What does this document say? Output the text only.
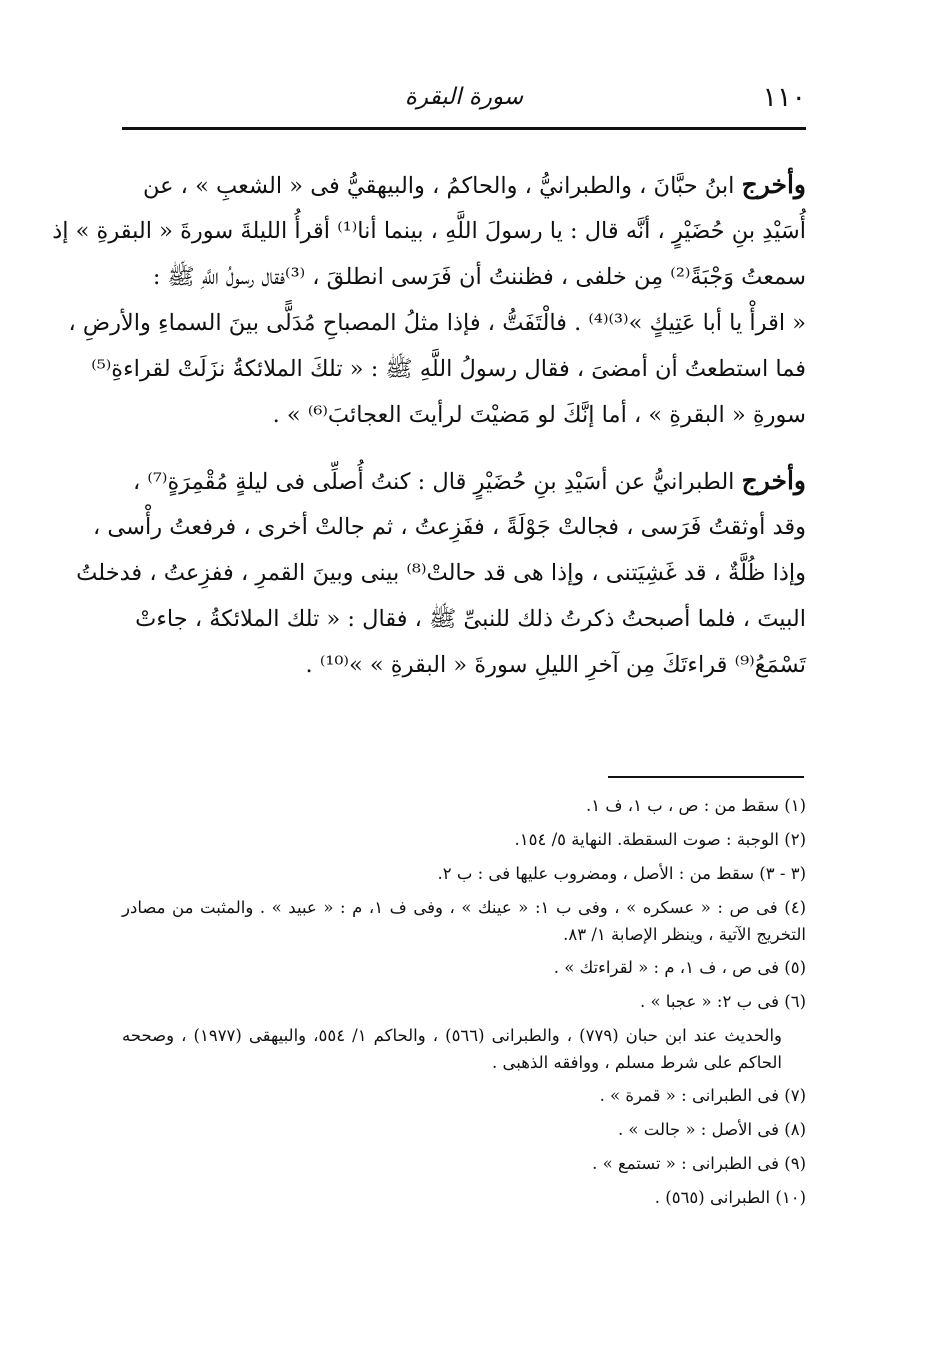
١١٠
سورة البقرة
وأخرج ابنُ حبَّانَ ، والطبرانيُّ ، والحاكمُ ، والبيهقيُّ فى « الشعبِ » ، عن
أُسَيْدِ بنِ حُضَيْرٍ ، أنَّه قال : يا رسولَ اللَّهِ ، بينما أنا⁽¹⁾ أقرأُ الليلةَ سورةَ « البقرةِ » إذ
سمعتُ وَجْبَةً⁽²⁾ مِن خلفى ، فظننتُ أن فَرَسى انطلقَ ، ⁽³⁾فقال رسولُ اللَّهِ ﷺ :
« اقرأْ يا أبا عَتِيكٍ »⁽³⁾⁽⁴⁾ . فالْتَفَتُّ ، فإذا مثلُ المصباحِ مُدَلًّى بينَ السماءِ والأرضِ ،
فما استطعتُ أن أمضىَ ، فقال رسولُ اللَّهِ ﷺ : « تلكَ الملائكةُ نزَلَتْ لقراءةِ⁽⁵⁾
سورةِ « البقرةِ » ، أما إنَّكَ لو مَضيْتَ لرأيتَ العجائبَ⁽⁶⁾ » .
وأخرج الطبرانيُّ عن أسَيْدِ بنِ حُضَيْرٍ قال : كنتُ أُصلِّى فى ليلةٍ مُقْمِرَةٍ⁽⁷⁾ ،
وقد أوثقتُ فَرَسى ، فجالتْ جَوْلَةً ، ففَزِعتُ ، ثم جالتْ أخرى ، فرفعتُ رأْسى ،
وإذا ظُلَّةٌ ، قد غَشِيَتنى ، وإذا هى قد حالتْ⁽⁸⁾ بينى وبينَ القمرِ ، ففزِعتُ ، فدخلتُ
البيتَ ، فلما أصبحتُ ذكرتُ ذلك للنبىِّ ﷺ ، فقال : « تلك الملائكةُ ، جاءتْ
تَسْمَعُ⁽⁹⁾ قراءتَكَ مِن آخرِ الليلِ سورةَ « البقرةِ » »⁽¹⁰⁾ .
(١) سقط من : ص ، ب ١، ف ١.
(٢) الوجبة : صوت السقطة. النهاية ٥/ ١٥٤.
(٣ - ٣) سقط من : الأصل ، ومضروب عليها فى : ب ٢.
(٤) فى ص : « عسكره » ، وفى ب ١: « عينك » ، وفى ف ١، م : « عبيد » . والمثبت من مصادر التخريج الآتية ، وينظر الإصابة ١/ ٨٣.
(٥) فى ص ، ف ١، م : « لقراءتك » .
(٦) فى ب ٢: « عجبا » .
والحديث عند ابن حبان (٧٧٩) ، والطبرانى (٥٦٦) ، والحاكم ١/ ٥٥٤، والبيهقى (١٩٧٧) ، وصححه الحاكم على شرط مسلم ، ووافقه الذهبى .
(٧) فى الطبرانى : « قمرة » .
(٨) فى الأصل : « جالت » .
(٩) فى الطبرانى : « تستمع » .
(١٠) الطبرانى (٥٦٥) .
